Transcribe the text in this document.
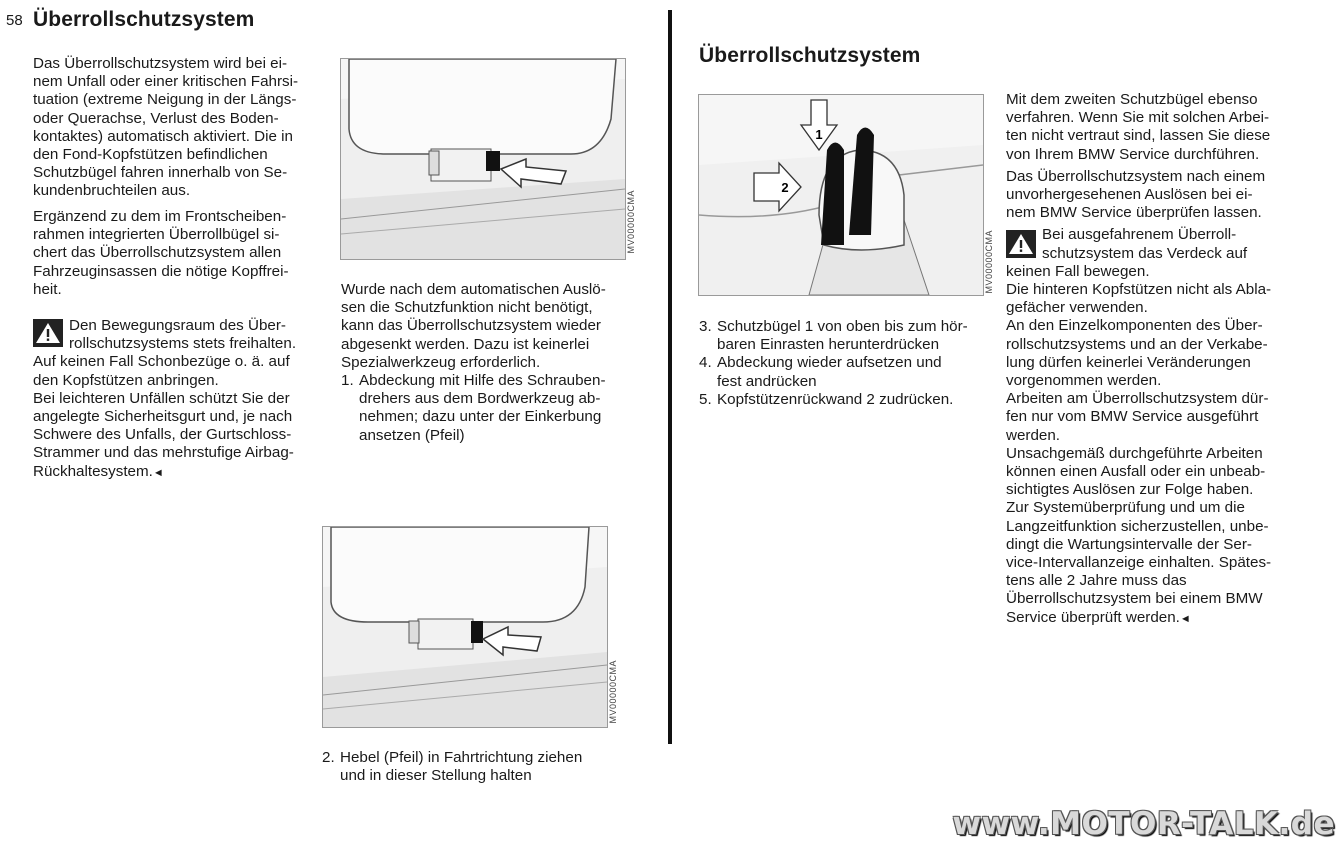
58 Überrollschutzsystem
Das Überrollschutzsystem wird bei ei-
nem Unfall oder einer kritischen Fahrsi-
tuation (extreme Neigung in der Längs-
oder Querachse, Verlust des Boden-
kontaktes) automatisch aktiviert. Die in
den Fond-Kopfstützen befindlichen
Schutzbügel fahren innerhalb von Se-
kundenbruchteilen aus.
Ergänzend zu dem im Frontscheiben-
rahmen integrierten Überrollbügel si-
chert das Überrollschutzsystem allen
Fahrzeuginsassen die nötige Kopffrei-
heit.
Den Bewegungsraum des Über-
rollschutzsystems stets freihalten.
Auf keinen Fall Schonbezüge o. ä. auf
den Kopfstützen anbringen.
Bei leichteren Unfällen schützt Sie der
angelegte Sicherheitsgurt und, je nach
Schwere des Unfalls, der Gurtschloss-
Strammer und das mehrstufige Airbag-
Rückhaltesystem.◄
MV00000CMA
Wurde nach dem automatischen Auslö-
sen die Schutzfunktion nicht benötigt,
kann das Überrollschutzsystem wieder
abgesenkt werden. Dazu ist keinerlei
Spezialwerkzeug erforderlich.
1. Abdeckung mit Hilfe des Schrauben-
drehers aus dem Bordwerkzeug ab-
nehmen; dazu unter der Einkerbung
ansetzen (Pfeil)
MV00000CMA
2. Hebel (Pfeil) in Fahrtrichtung ziehen
und in dieser Stellung halten
Überrollschutzsystem
1
2
MV00000CMA
3. Schutzbügel 1 von oben bis zum hör-
baren Einrasten herunterdrücken
4. Abdeckung wieder aufsetzen und
fest andrücken
5. Kopfstützenrückwand 2 zudrücken.

Mit dem zweiten Schutzbügel ebenso
verfahren. Wenn Sie mit solchen Arbei-
ten nicht vertraut sind, lassen Sie diese
von Ihrem BMW Service durchführen.

Das Überrollschutzsystem nach einem
unvorhergesehenen Auslösen bei ei-
nem BMW Service überprüfen lassen.

Bei ausgefahrenem Überroll-
schutzsystem das Verdeck auf
keinen Fall bewegen.
Die hinteren Kopfstützen nicht als Abla-
gefächer verwenden.
An den Einzelkomponenten des Über-
rollschutzsystems und an der Verkabe-
lung dürfen keinerlei Veränderungen
vorgenommen werden.
Arbeiten am Überrollschutzsystem dür-
fen nur vom BMW Service ausgeführt
werden.
Unsachgemäß durchgeführte Arbeiten
können einen Ausfall oder ein unbeab-
sichtigtes Auslösen zur Folge haben.
Zur Systemüberprüfung und um die
Langzeitfunktion sicherzustellen, unbe-
dingt die Wartungsintervalle der Ser-
vice-Intervallanzeige einhalten. Spätes-
tens alle 2 Jahre muss das
Überrollschutzsystem bei einem BMW
Service überprüft werden.◄
www.MOTOR-TALK.de
